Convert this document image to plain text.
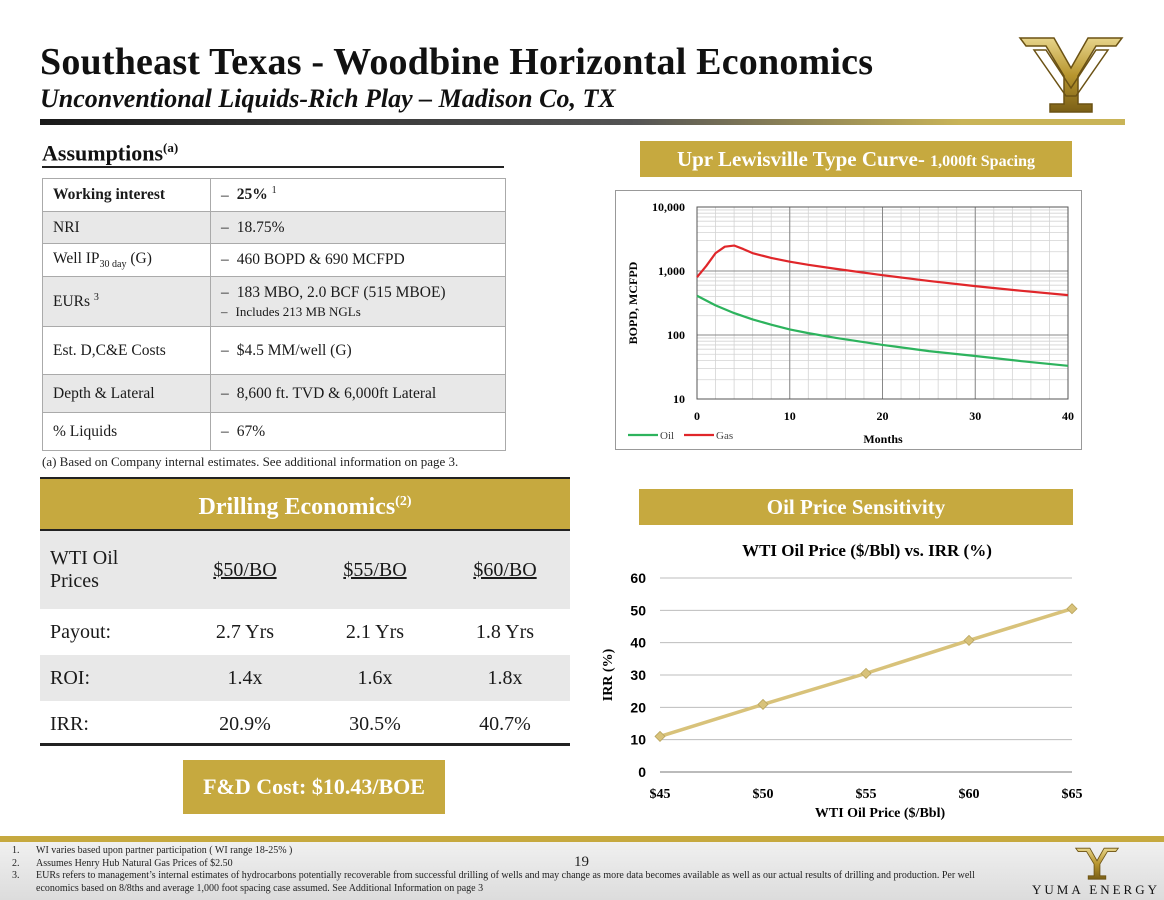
Southeast Texas - Woodbine Horizontal Economics
Unconventional Liquids-Rich Play – Madison Co, TX
Assumptions$^{(a)}$
Working interest	– 25% $^1$
NRI	– 18.75%
Well $IP_{30 day}$ (G)	– 460 BOPD & 690 MCFPD
EURs $^3$	– 183 MBO, 2.0 BCF (515 MBOE)
– Includes 213 MB NGLs

Est. D,C&E Costs	– $4.5 MM/well (G)
Depth & Lateral	– 8,600 ft. TVD & 6,000ft Lateral
% Liquids	– 67%
(a) Based on Company internal estimates. See additional information on page 3.
Drilling Economics$^{(2)}$
WTI Oil Prices	$50/BO	$55/BO	$60/BO
Payout:	2.7 Yrs	2.1 Yrs	1.8 Yrs
ROI:	1.4x	1.6x	1.8x
IRR:	20.9%	30.5%	40.7%
F&D Cost: $10.43/BOE
Upr Lewisville Type Curve- 1,000ft Spacing
Oil Price Sensitivity
10
100
1,000
10,000
0	10	20	30	40
BOPD, MCFPD
Months
Oil	Gas
WTI Oil Price ($/Bbl) vs. IRR (%)
0
10
20
30
40
50
60
$45	$50	$55	$60	$65
IRR (%)
WTI Oil Price ($/Bbl)
1.	WI varies based upon partner participation ( WI range 18-25% )
2.	Assumes Henry Hub Natural Gas Prices of $2.50
3.	EURs refers to management’s internal estimates of hydrocarbons potentially recoverable from successful drilling of wells and may change as more data becomes available as well as our actual results of drilling and production. Per well economics based on 8/8ths and average 1,000 foot spacing case assumed. See Additional Information on page 3
19
YUMA ENERGY
